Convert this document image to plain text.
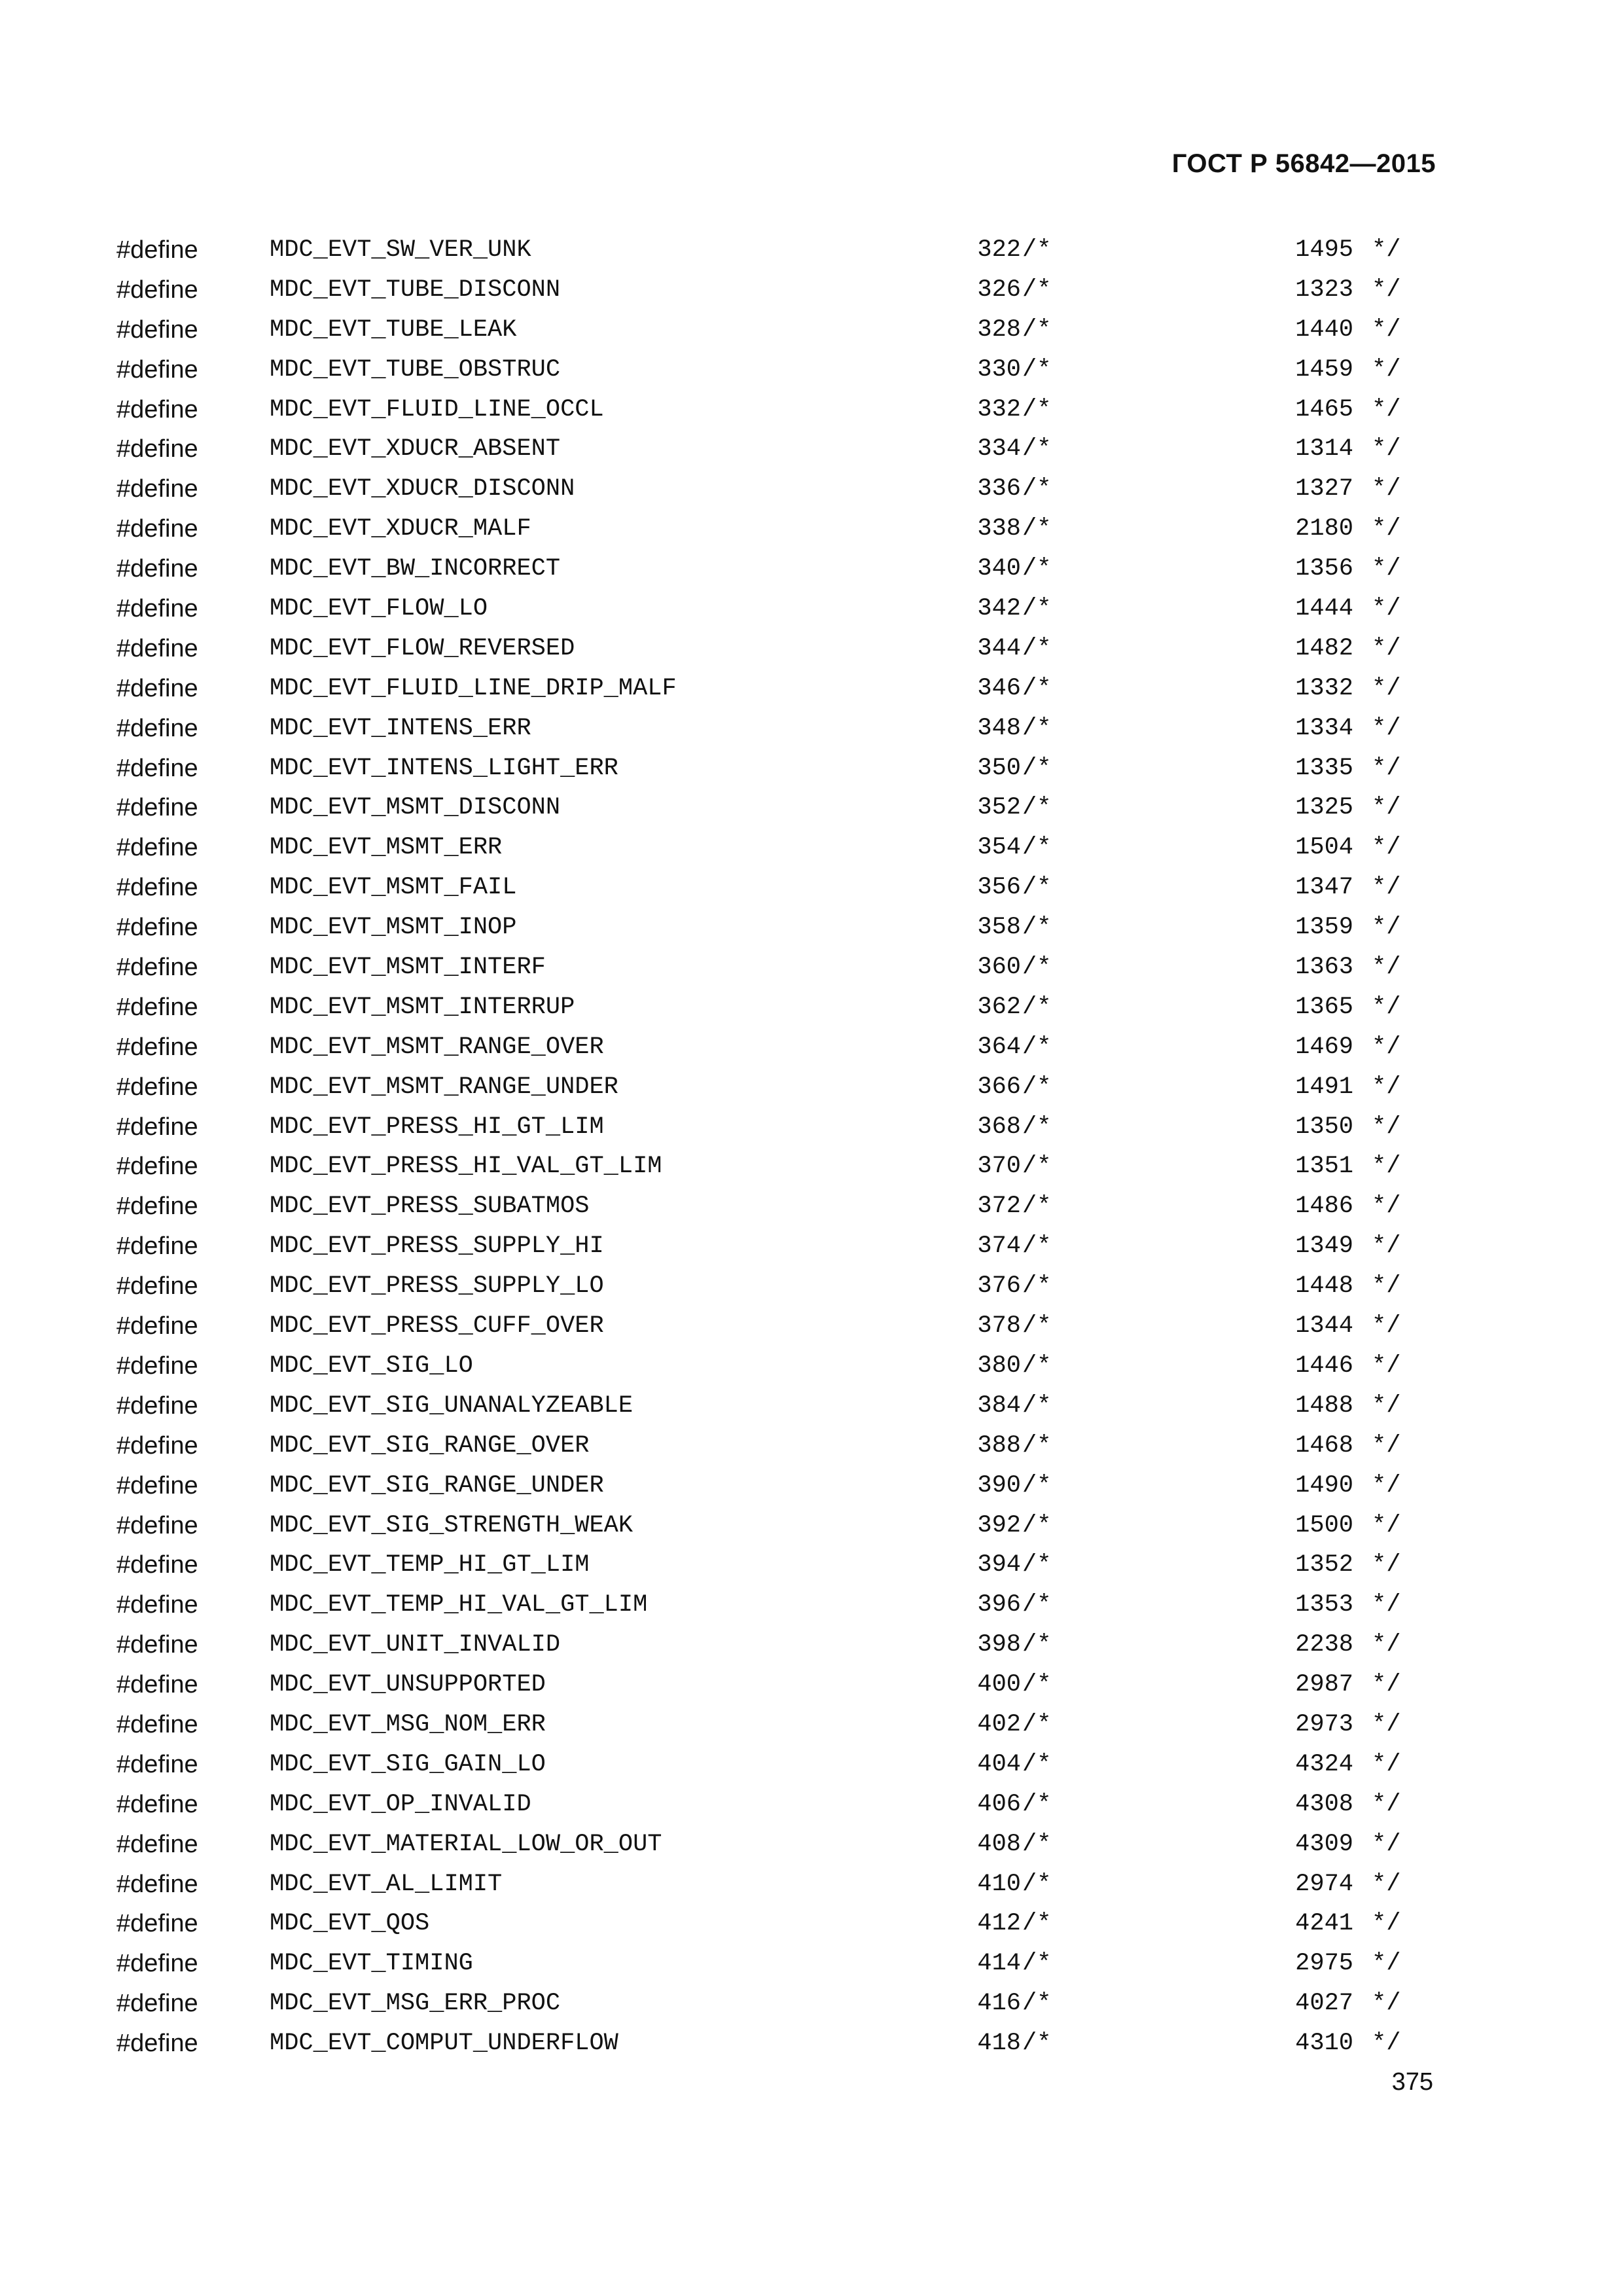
ГОСТ Р 56842—2015
#define	MDC_EVT_SW_VER_UNK	322 /*	1495 */
#define	MDC_EVT_TUBE_DISCONN	326 /*	1323 */
#define	MDC_EVT_TUBE_LEAK	328 /*	1440 */
#define	MDC_EVT_TUBE_OBSTRUC	330 /*	1459 */
#define	MDC_EVT_FLUID_LINE_OCCL	332 /*	1465 */
#define	MDC_EVT_XDUCR_ABSENT	334 /*	1314 */
#define	MDC_EVT_XDUCR_DISCONN	336 /*	1327 */
#define	MDC_EVT_XDUCR_MALF	338 /*	2180 */
#define	MDC_EVT_BW_INCORRECT	340 /*	1356 */
#define	MDC_EVT_FLOW_LO	342 /*	1444 */
#define	MDC_EVT_FLOW_REVERSED	344 /*	1482 */
#define	MDC_EVT_FLUID_LINE_DRIP_MALF	346 /*	1332 */
#define	MDC_EVT_INTENS_ERR	348 /*	1334 */
#define	MDC_EVT_INTENS_LIGHT_ERR	350 /*	1335 */
#define	MDC_EVT_MSMT_DISCONN	352 /*	1325 */
#define	MDC_EVT_MSMT_ERR	354 /*	1504 */
#define	MDC_EVT_MSMT_FAIL	356 /*	1347 */
#define	MDC_EVT_MSMT_INOP	358 /*	1359 */
#define	MDC_EVT_MSMT_INTERF	360 /*	1363 */
#define	MDC_EVT_MSMT_INTERRUP	362 /*	1365 */
#define	MDC_EVT_MSMT_RANGE_OVER	364 /*	1469 */
#define	MDC_EVT_MSMT_RANGE_UNDER	366 /*	1491 */
#define	MDC_EVT_PRESS_HI_GT_LIM	368 /*	1350 */
#define	MDC_EVT_PRESS_HI_VAL_GT_LIM	370 /*	1351 */
#define	MDC_EVT_PRESS_SUBATMOS	372 /*	1486 */
#define	MDC_EVT_PRESS_SUPPLY_HI	374 /*	1349 */
#define	MDC_EVT_PRESS_SUPPLY_LO	376 /*	1448 */
#define	MDC_EVT_PRESS_CUFF_OVER	378 /*	1344 */
#define	MDC_EVT_SIG_LO	380 /*	1446 */
#define	MDC_EVT_SIG_UNANALYZEABLE	384 /*	1488 */
#define	MDC_EVT_SIG_RANGE_OVER	388 /*	1468 */
#define	MDC_EVT_SIG_RANGE_UNDER	390 /*	1490 */
#define	MDC_EVT_SIG_STRENGTH_WEAK	392 /*	1500 */
#define	MDC_EVT_TEMP_HI_GT_LIM	394 /*	1352 */
#define	MDC_EVT_TEMP_HI_VAL_GT_LIM	396 /*	1353 */
#define	MDC_EVT_UNIT_INVALID	398 /*	2238 */
#define	MDC_EVT_UNSUPPORTED	400 /*	2987 */
#define	MDC_EVT_MSG_NOM_ERR	402 /*	2973 */
#define	MDC_EVT_SIG_GAIN_LO	404 /*	4324 */
#define	MDC_EVT_OP_INVALID	406 /*	4308 */
#define	MDC_EVT_MATERIAL_LOW_OR_OUT	408 /*	4309 */
#define	MDC_EVT_AL_LIMIT	410 /*	2974 */
#define	MDC_EVT_QOS	412 /*	4241 */
#define	MDC_EVT_TIMING	414 /*	2975 */
#define	MDC_EVT_MSG_ERR_PROC	416 /*	4027 */
#define	MDC_EVT_COMPUT_UNDERFLOW	418 /*	4310 */
375
